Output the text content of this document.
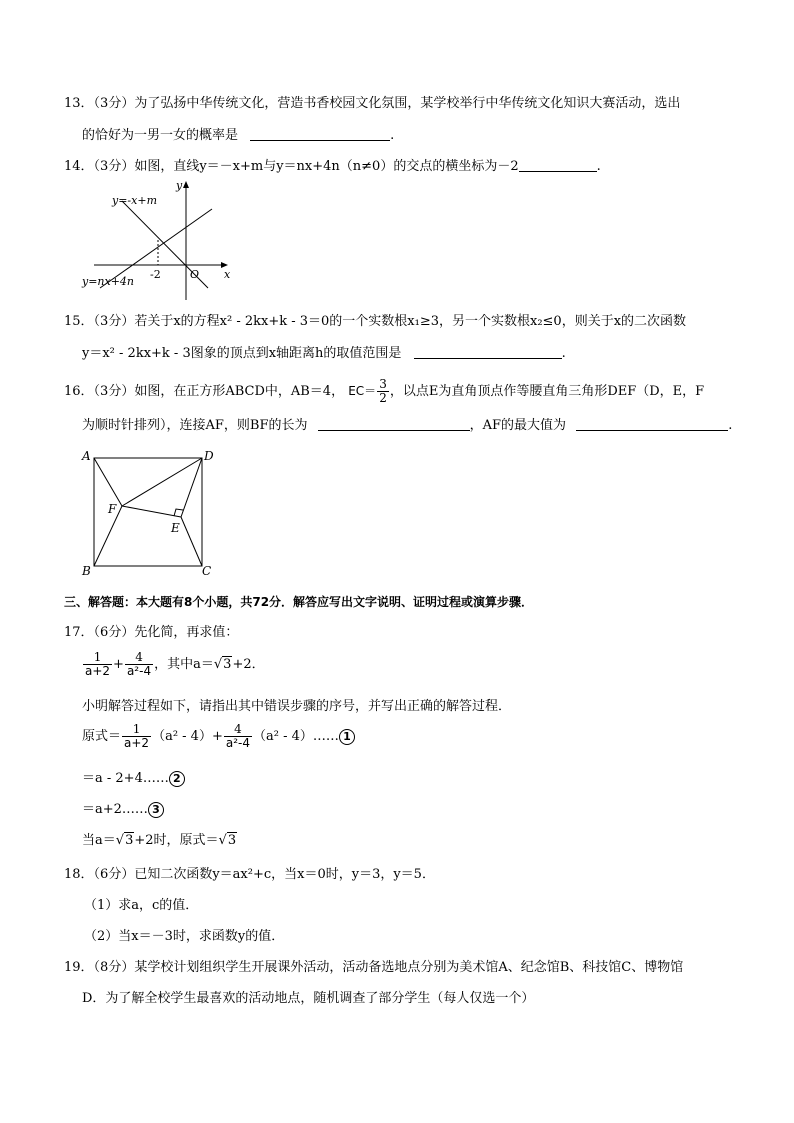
13．（3分）为了弘扬中华传统文化，营造书香校园文化氛围，某学校举行中华传统文化知识大赛活动，选出
的恰好为一男一女的概率是	.
14．（3分）如图，直线y＝－x+m与y＝nx+4n（n≠0）的交点的横坐标为－2	.
y=-x+m
y=nx+4n
-2	O x
y
15．（3分）若关于x的方程x² - 2kx+k - 3＝0的一个实数根x₁≥3，另一个实数根x₂≤0，则关于x的二次函数
y＝x² - 2kx+k - 3图象的顶点到x轴距离h的取值范围是	.
16．（3分）如图，在正方形ABCD中，AB＝4， $EC= \frac{3}{2}$ ，以点E为直角顶点作等腰直角三角形DEF（D，E，F
为顺时针排列），连接AF，则BF的长为	，AF的最大值为	.
A	D
B	C
F
E
三、解答题：本大题有8个小题，共72分．解答应写出文字说明、证明过程或演算步骤．
17．（6分）先化简，再求值：
$\frac{1}{a+2} + \frac{4}{\text{a²-4}}$ ，其中a＝√3+2．
小明解答过程如下，请指出其中错误步骤的序号，并写出正确的解答过程．
原式＝ $\frac{1}{a+2} (a^2 - 4)+ \frac{4}{\text{a²-4}} (a^2$ - 4）…… 1
＝a - 2+4…… 2
＝a+2…… 3
当a＝√3+2时，原式＝√3
18．（6分）已知二次函数y＝ax²+c，当x＝0时，y＝3，y＝5．
（1）求a，c的值．
（2）当x＝－3时，求函数y的值．
19．（8分）某学校计划组织学生开展课外活动，活动备选地点分别为美术馆A、纪念馆B、科技馆C、博物馆
D．为了解全校学生最喜欢的活动地点，随机调查了部分学生（每人仅选一个）
